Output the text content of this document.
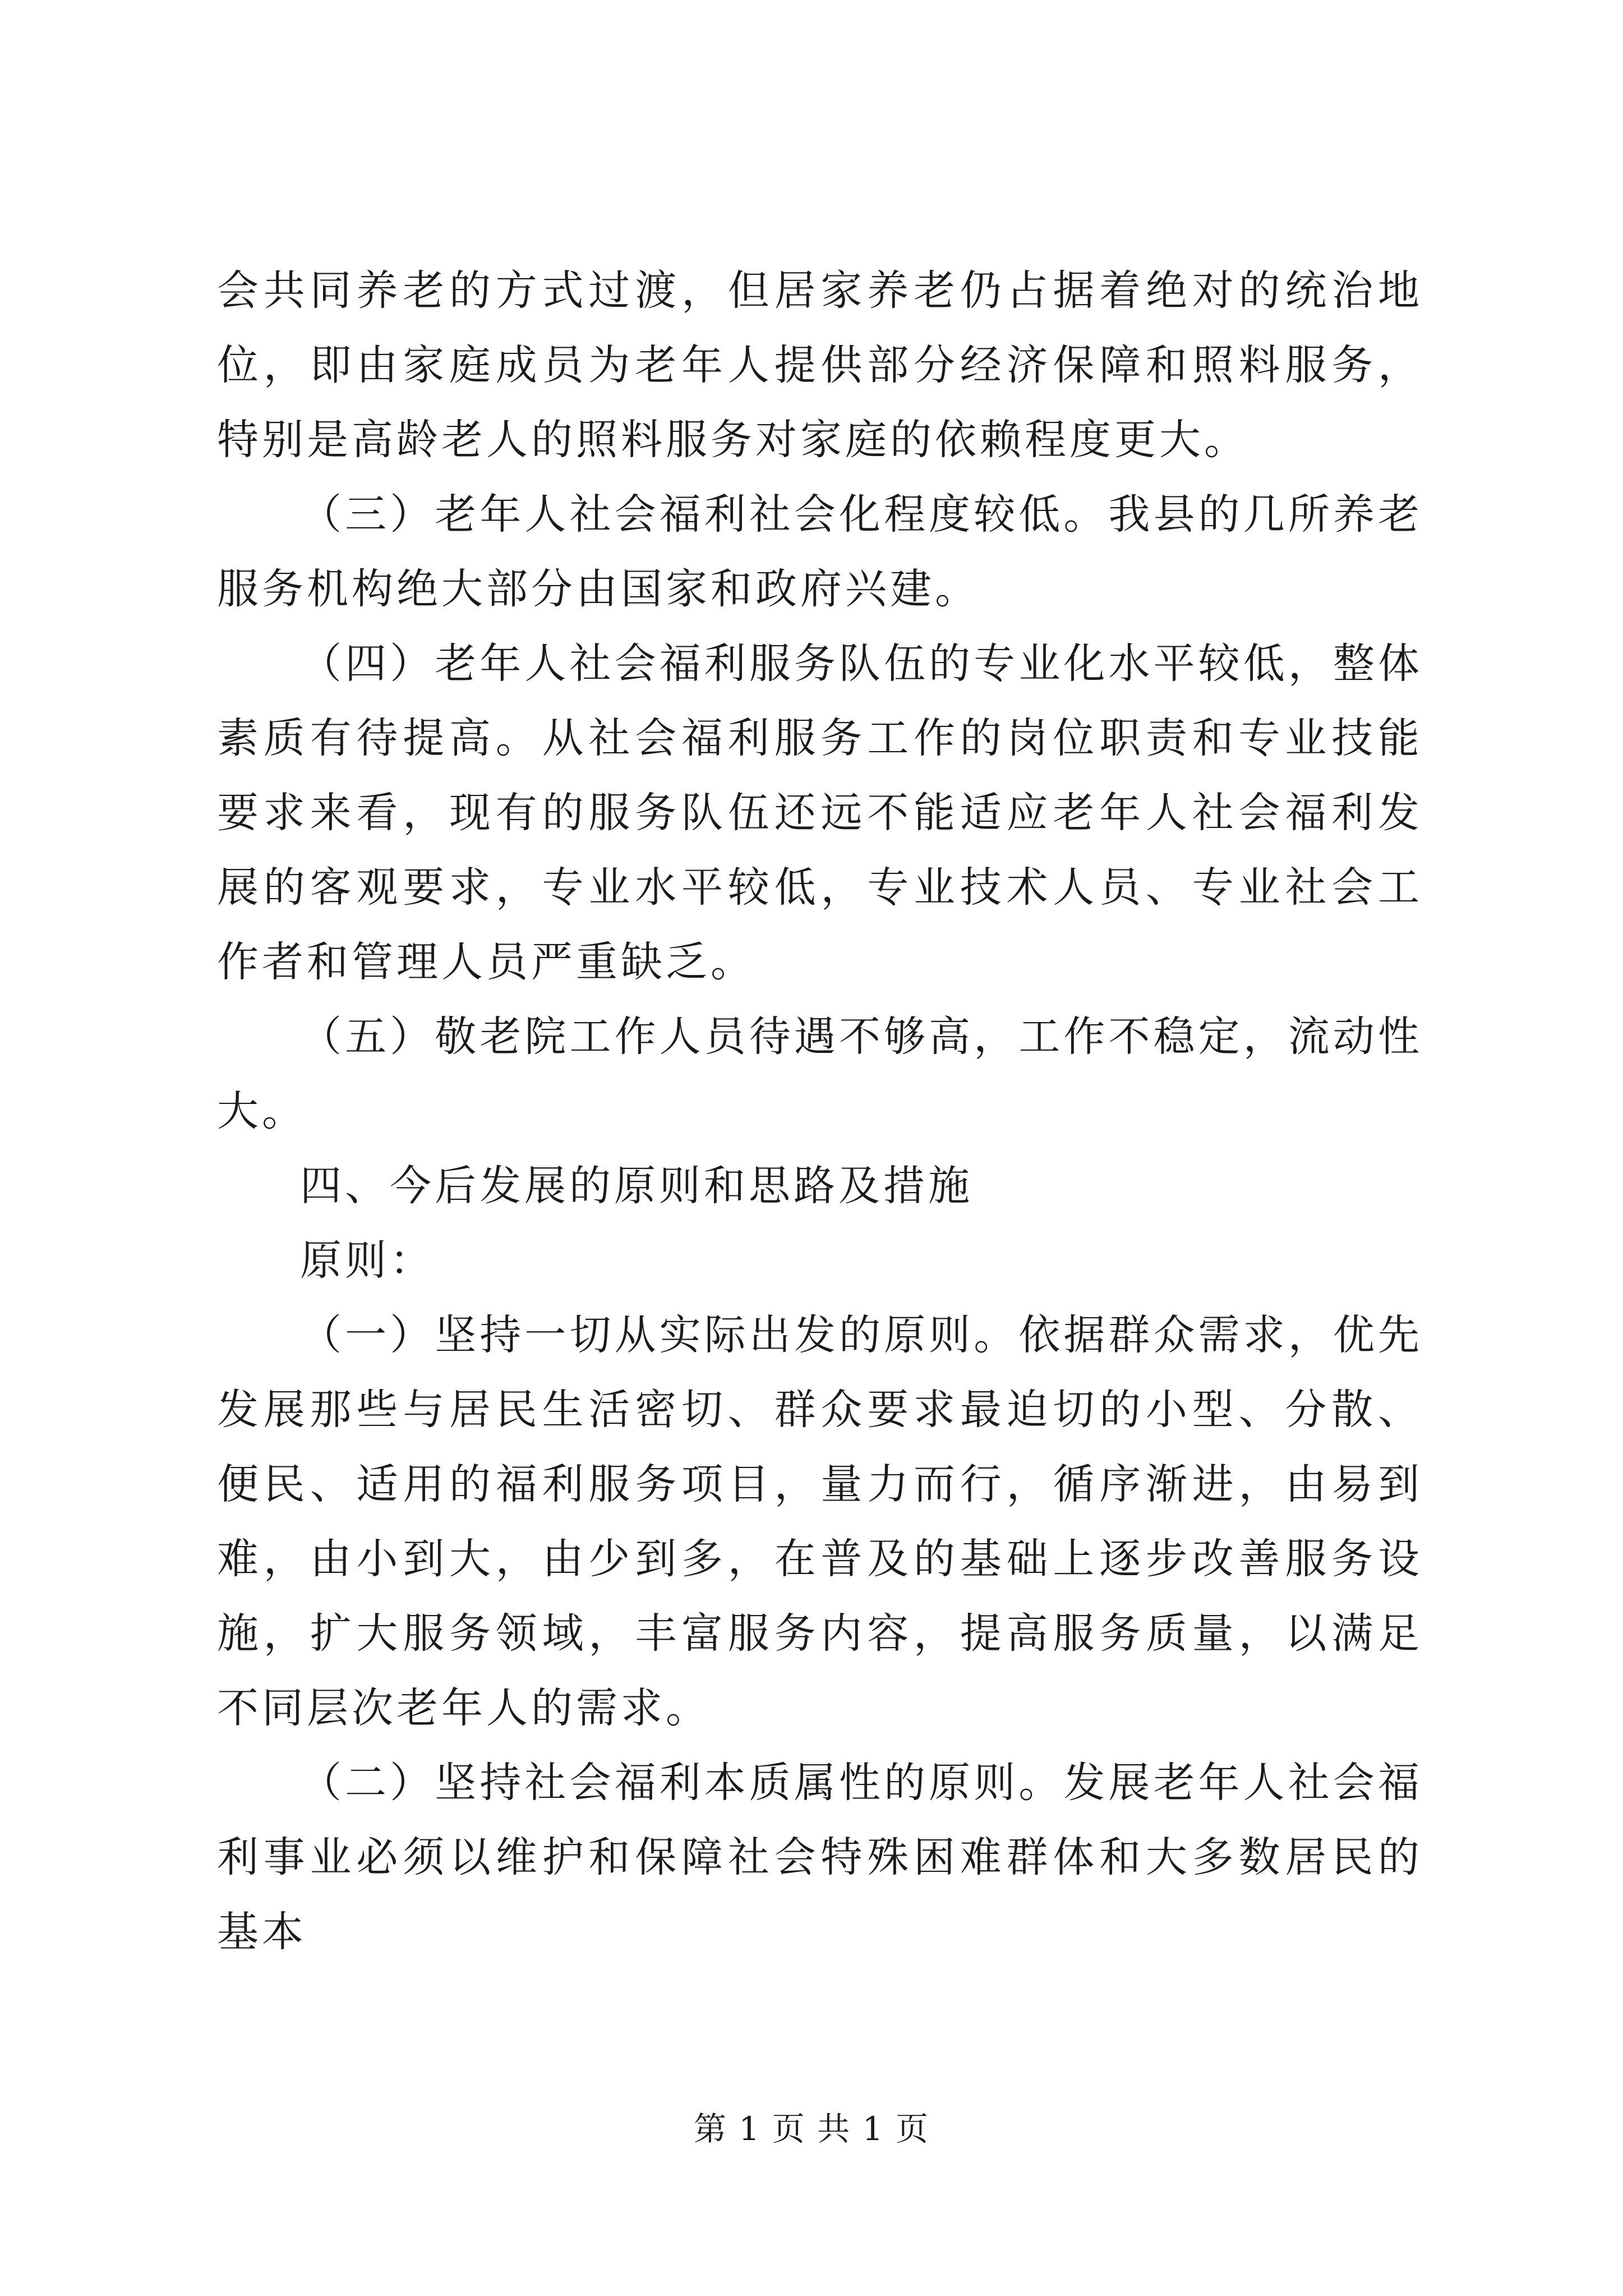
会共同养老的方式过渡，但居家养老仍占据着绝对的统治地位，即由家庭成员为老年人提供部分经济保障和照料服务，特别是高龄老人的照料服务对家庭的依赖程度更大。

（三）老年人社会福利社会化程度较低。我县的几所养老服务机构绝大部分由国家和政府兴建。

（四）老年人社会福利服务队伍的专业化水平较低，整体素质有待提高。从社会福利服务工作的岗位职责和专业技能要求来看，现有的服务队伍还远不能适应老年人社会福利发展的客观要求，专业水平较低，专业技术人员、专业社会工作者和管理人员严重缺乏。

（五）敬老院工作人员待遇不够高，工作不稳定，流动性大。

四、今后发展的原则和思路及措施

原则：

（一）坚持一切从实际出发的原则。依据群众需求，优先发展那些与居民生活密切、群众要求最迫切的小型、分散、便民、适用的福利服务项目，量力而行，循序渐进，由易到难，由小到大，由少到多，在普及的基础上逐步改善服务设施，扩大服务领域，丰富服务内容，提高服务质量，以满足不同层次老年人的需求。

（二）坚持社会福利本质属性的原则。发展老年人社会福利事业必须以维护和保障社会特殊困难群体和大多数居民的基本

第 1 页 共 1 页
